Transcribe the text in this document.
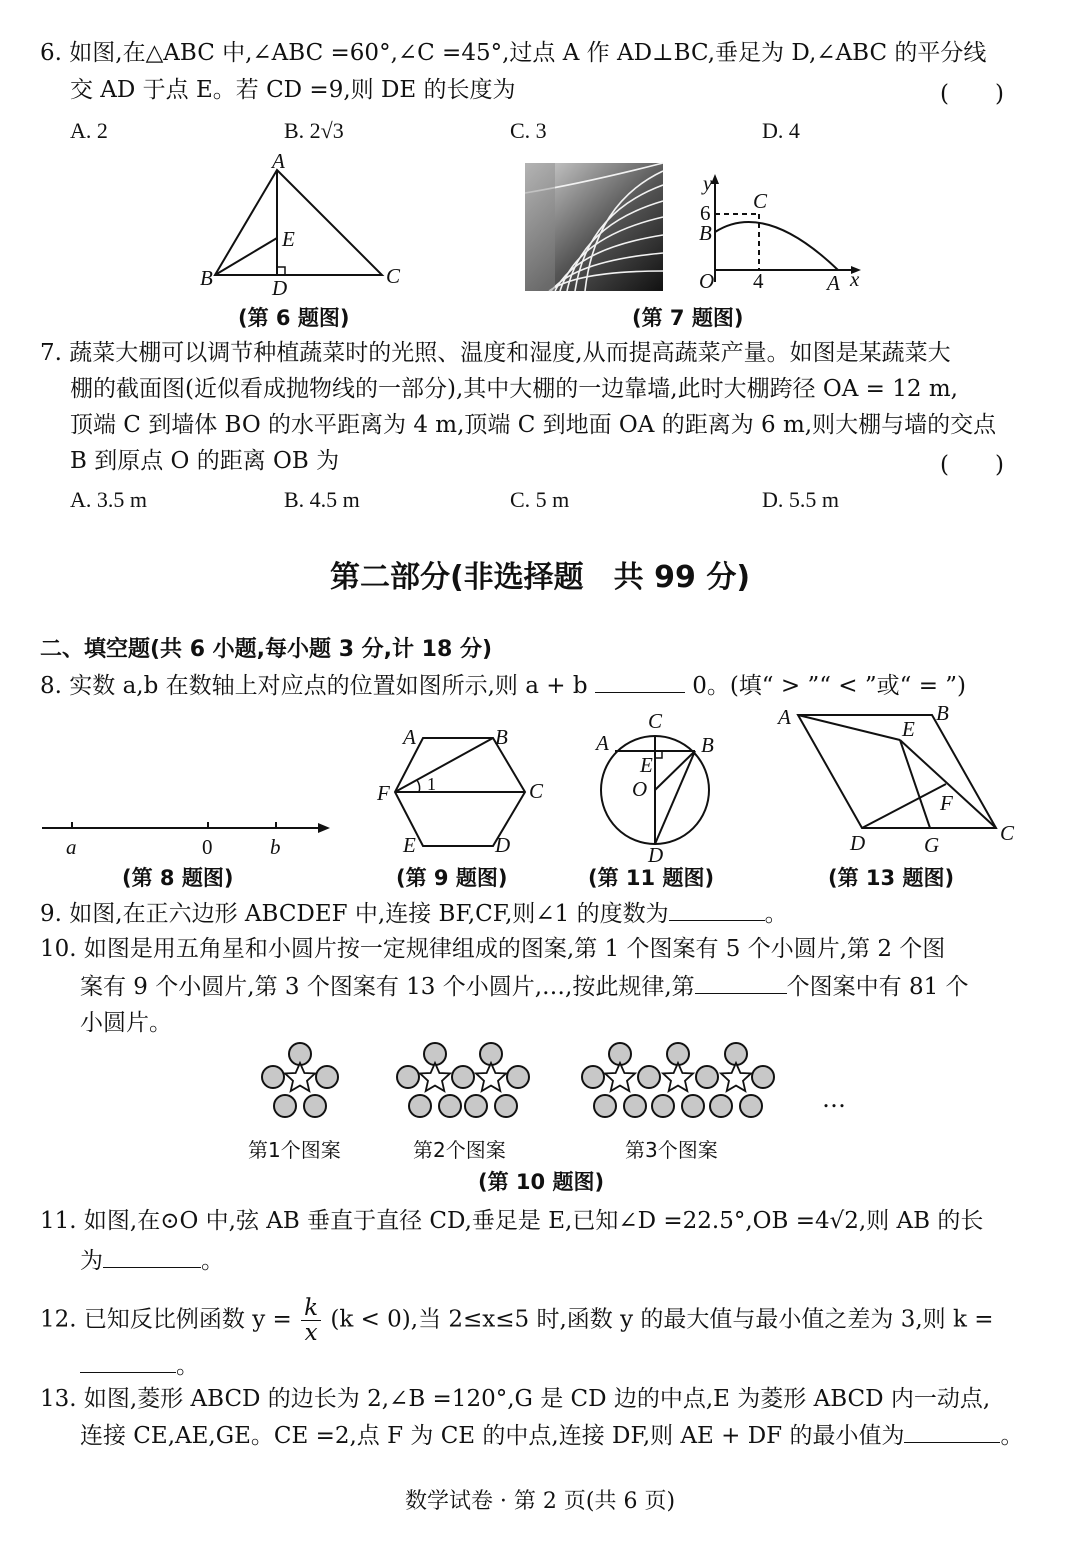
6. 如图,在△ABC 中,∠ABC =60°,∠C =45°,过点 A 作 AD⊥BC,垂足为 D,∠ABC 的平分线
交 AD 于点 E。若 CD =9,则 DE 的长度为	(　　)
A. 2	B. 2√3	C. 3	D. 4
A
B	C
D
E
(第 6 题图)
y
x
6
B
C
O 4	A
(第 7 题图)
7. 蔬菜大棚可以调节种植蔬菜时的光照、温度和湿度,从而提高蔬菜产量。如图是某蔬菜大
棚的截面图(近似看成抛物线的一部分),其中大棚的一边靠墙,此时大棚跨径 OA = 12 m,
顶端 C 到墙体 BO 的水平距离为 4 m,顶端 C 到地面 OA 的距离为 6 m,则大棚与墙的交点
B 到原点 O 的距离 OB 为	(　　)
A. 3.5 m	B. 4.5 m	C. 5 m	D. 5.5 m
第二部分(非选择题　共 99 分)
二、填空题(共 6 小题,每小题 3 分,计 18 分)
8. 实数 a,b 在数轴上对应点的位置如图所示,则 a + b	0。(填“ > ”“ < ”或“ = ”)
a	0	b
(第 8 题图)
A	B
C
D
E
F 1
(第 9 题图)
C
A	B
E
O
D
(第 11 题图)
A	B
C
D
E
F
G
(第 13 题图)
9. 如图,在正六边形 ABCDEF 中,连接 BF,CF,则∠1 的度数为	。
10. 如图是用五角星和小圆片按一定规律组成的图案,第 1 个图案有 5 个小圆片,第 2 个图
案有 9 个小圆片,第 3 个图案有 13 个小圆片,…,按此规律,第	个图案中有 81 个
小圆片。
…
第1个图案	第2个图案	第3个图案
(第 10 题图)
11. 如图,在⊙O 中,弦 AB 垂直于直径 CD,垂足是 E,已知∠D =22.5°,OB =4√2,则 AB 的长
为	。
12. 已知反比例函数 $y = \frac{k}{x} (k < 0)$,当 2≤x≤5 时,函数 y 的最大值与最小值之差为 3,则 k =
。
13. 如图,菱形 ABCD 的边长为 2,∠B =120°,G 是 CD 边的中点,E 为菱形 ABCD 内一动点,
连接 CE,AE,GE。CE =2,点 F 为 CE 的中点,连接 DF,则 AE + DF 的最小值为	。
数学试卷 · 第 2 页(共 6 页)
